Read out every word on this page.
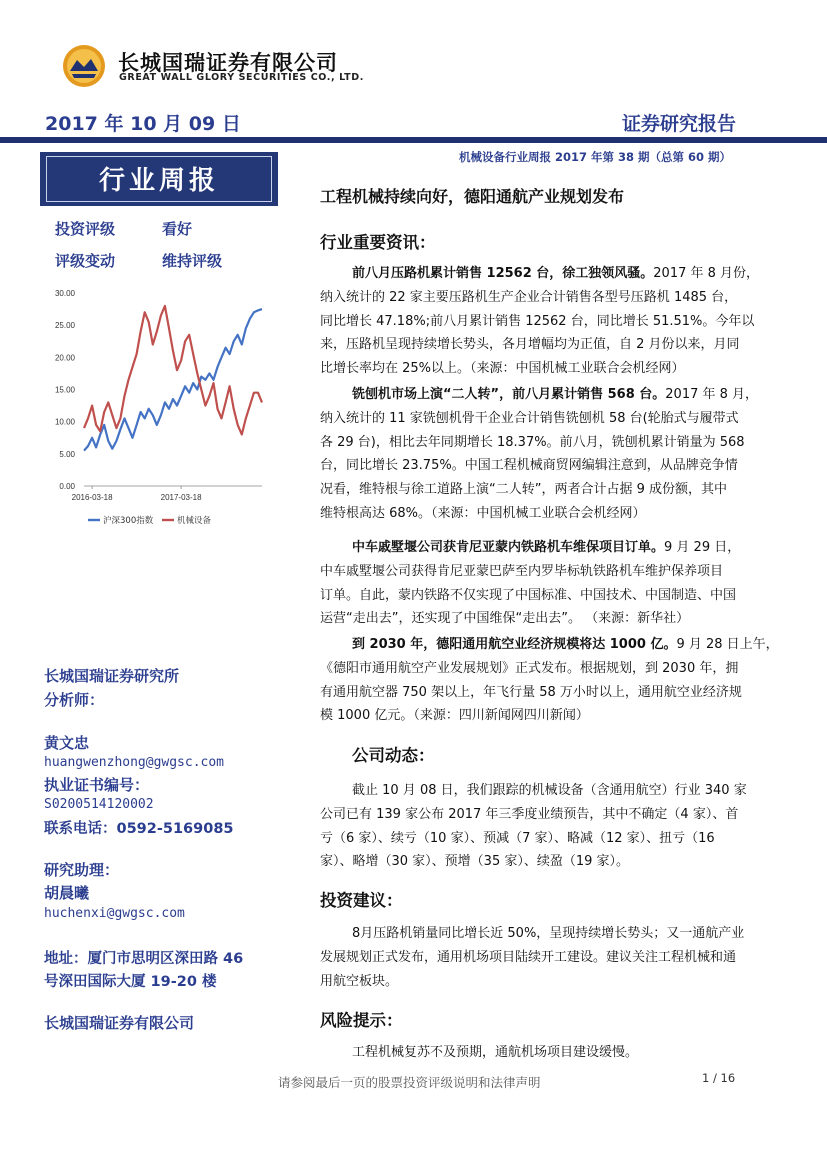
长城国瑞证券有限公司
GREAT WALL GLORY SECURITIES CO., LTD.
2017 年 10 月 09 日	证券研究报告
机械设备行业周报 2017 年第 38 期（总第 60 期）
行业周报
投资评级	看好
评级变动	维持评级
30.00
25.00
20.00
15.00
10.00
5.00
0.00
2016-03-18	2017-03-18
沪深300指数	机械设备
长城国瑞证券研究所
分析师：
黄文忠
huangwenzhong@gwgsc.com
执业证书编号：
S0200514120002
联系电话：0592-5169085
研究助理：
胡晨曦
huchenxi@gwgsc.com
地址：厦门市思明区深田路 46
号深田国际大厦 19-20 楼
长城国瑞证券有限公司
工程机械持续向好，德阳通航产业规划发布
行业重要资讯：
前八月压路机累计销售 12562 台，徐工独领风骚。2017 年 8 月份，
纳入统计的 22 家主要压路机生产企业合计销售各型号压路机 1485 台，
同比增长 47.18%;前八月累计销售 12562 台，同比增长 51.51%。今年以
来，压路机呈现持续增长势头，各月增幅均为正值，自 2 月份以来，月同
比增长率均在 25%以上。（来源：中国机械工业联合会机经网）
铣刨机市场上演“二人转”，前八月累计销售 568 台。2017 年 8 月，
纳入统计的 11 家铣刨机骨干企业合计销售铣刨机 58 台(轮胎式与履带式
各 29 台)，相比去年同期增长 18.37%。前八月，铣刨机累计销量为 568
台，同比增长 23.75%。中国工程机械商贸网编辑注意到，从品牌竞争情
况看，维特根与徐工道路上演“二人转”，两者合计占据 9 成份额，其中
维特根高达 68%。（来源：中国机械工业联合会机经网）
中车戚墅堰公司获肯尼亚蒙内铁路机车维保项目订单。9 月 29 日，
中车戚墅堰公司获得肯尼亚蒙巴萨至内罗毕标轨铁路机车维护保养项目
订单。自此，蒙内铁路不仅实现了中国标准、中国技术、中国制造、中国
运营“走出去”，还实现了中国维保“走出去”。 （来源：新华社）
到 2030 年，德阳通用航空业经济规模将达 1000 亿。9 月 28 日上午，
《德阳市通用航空产业发展规划》正式发布。根据规划，到 2030 年，拥
有通用航空器 750 架以上，年飞行量 58 万小时以上，通用航空业经济规
模 1000 亿元。（来源：四川新闻网四川新闻）
公司动态：
截止 10 月 08 日，我们跟踪的机械设备（含通用航空）行业 340 家
公司已有 139 家公布 2017 年三季度业绩预告，其中不确定（4 家）、首
亏（6 家）、续亏（10 家）、预减（7 家）、略减（12 家）、扭亏（16
家）、略增（30 家）、预增（35 家）、续盈（19 家）。
投资建议：
8月压路机销量同比增长近 50%，呈现持续增长势头；又一通航产业
发展规划正式发布，通用机场项目陆续开工建设。建议关注工程机械和通
用航空板块。
风险提示：
工程机械复苏不及预期，通航机场项目建设缓慢。
请参阅最后一页的股票投资评级说明和法律声明	1 / 16
